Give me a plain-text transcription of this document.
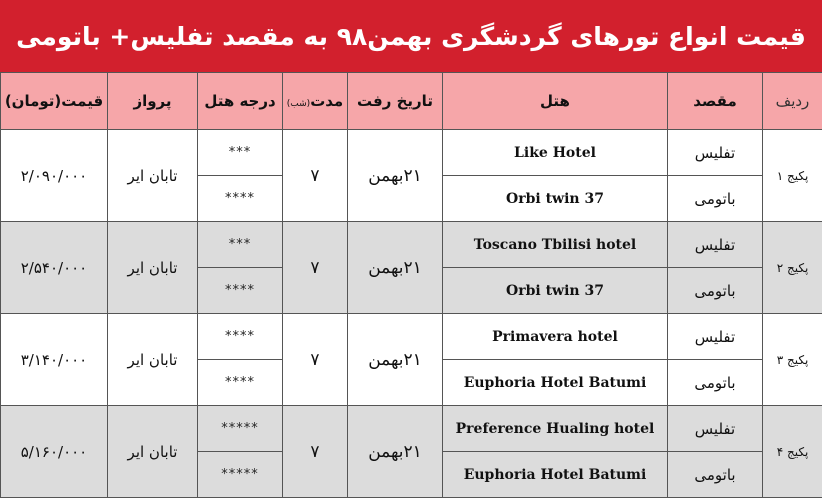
قیمت انواع تورهای گردشگری بهمن۹۸ به مقصد تفلیس+ باتومی
ردیف	مقصد	هتل	تاریخ رفت	مدت(شب)	درجه هتل	پرواز	قیمت(تومان)
پکیج ۱	تفلیس	Like Hotel	۲۱بهمن	۷	***	تابان ایر	۲/۰۹۰/۰۰۰
	باتومی	Orbi twin 37			****		
پکیج ۲	تفلیس	Toscano Tbilisi hotel	۲۱بهمن	۷	***	تابان ایر	۲/۵۴۰/۰۰۰
	باتومی	Orbi twin 37			****		
پکیج ۳	تفلیس	Primavera hotel	۲۱بهمن	۷	****	تابان ایر	۳/۱۴۰/۰۰۰
	باتومی	Euphoria Hotel Batumi			****		
پکیج ۴	تفلیس	Preference Hualing hotel	۲۱بهمن	۷	*****	تابان ایر	۵/۱۶۰/۰۰۰
	باتومی	Euphoria Hotel Batumi			*****		
